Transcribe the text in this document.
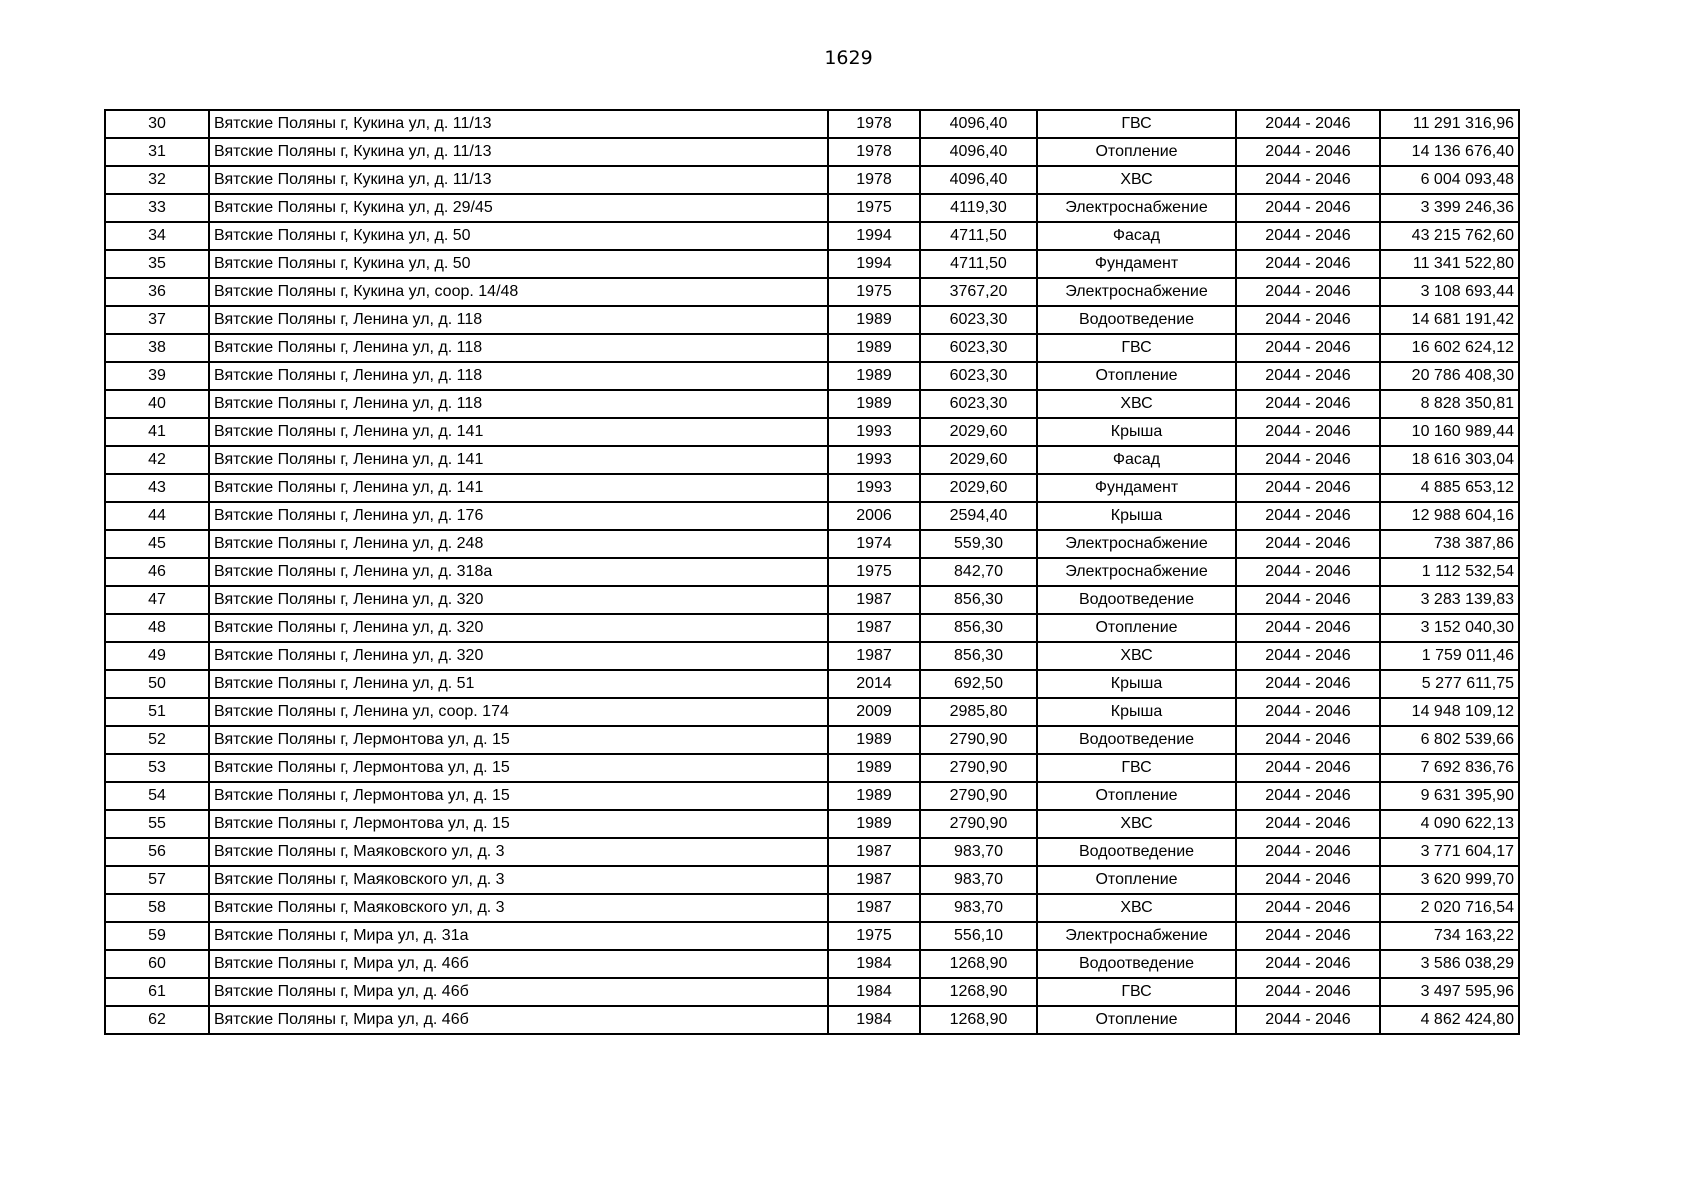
1629
30	Вятские Поляны г, Кукина ул, д. 11/13	1978	4096,40	ГВС	2044 - 2046	11 291 316,96
31	Вятские Поляны г, Кукина ул, д. 11/13	1978	4096,40	Отопление	2044 - 2046	14 136 676,40
32	Вятские Поляны г, Кукина ул, д. 11/13	1978	4096,40	ХВС	2044 - 2046	6 004 093,48
33	Вятские Поляны г, Кукина ул, д. 29/45	1975	4119,30	Электроснабжение	2044 - 2046	3 399 246,36
34	Вятские Поляны г, Кукина ул, д. 50	1994	4711,50	Фасад	2044 - 2046	43 215 762,60
35	Вятские Поляны г, Кукина ул, д. 50	1994	4711,50	Фундамент	2044 - 2046	11 341 522,80
36	Вятские Поляны г, Кукина ул, соор. 14/48	1975	3767,20	Электроснабжение	2044 - 2046	3 108 693,44
37	Вятские Поляны г, Ленина ул, д. 118	1989	6023,30	Водоотведение	2044 - 2046	14 681 191,42
38	Вятские Поляны г, Ленина ул, д. 118	1989	6023,30	ГВС	2044 - 2046	16 602 624,12
39	Вятские Поляны г, Ленина ул, д. 118	1989	6023,30	Отопление	2044 - 2046	20 786 408,30
40	Вятские Поляны г, Ленина ул, д. 118	1989	6023,30	ХВС	2044 - 2046	8 828 350,81
41	Вятские Поляны г, Ленина ул, д. 141	1993	2029,60	Крыша	2044 - 2046	10 160 989,44
42	Вятские Поляны г, Ленина ул, д. 141	1993	2029,60	Фасад	2044 - 2046	18 616 303,04
43	Вятские Поляны г, Ленина ул, д. 141	1993	2029,60	Фундамент	2044 - 2046	4 885 653,12
44	Вятские Поляны г, Ленина ул, д. 176	2006	2594,40	Крыша	2044 - 2046	12 988 604,16
45	Вятские Поляны г, Ленина ул, д. 248	1974	559,30	Электроснабжение	2044 - 2046	738 387,86
46	Вятские Поляны г, Ленина ул, д. 318а	1975	842,70	Электроснабжение	2044 - 2046	1 112 532,54
47	Вятские Поляны г, Ленина ул, д. 320	1987	856,30	Водоотведение	2044 - 2046	3 283 139,83
48	Вятские Поляны г, Ленина ул, д. 320	1987	856,30	Отопление	2044 - 2046	3 152 040,30
49	Вятские Поляны г, Ленина ул, д. 320	1987	856,30	ХВС	2044 - 2046	1 759 011,46
50	Вятские Поляны г, Ленина ул, д. 51	2014	692,50	Крыша	2044 - 2046	5 277 611,75
51	Вятские Поляны г, Ленина ул, соор. 174	2009	2985,80	Крыша	2044 - 2046	14 948 109,12
52	Вятские Поляны г, Лермонтова ул, д. 15	1989	2790,90	Водоотведение	2044 - 2046	6 802 539,66
53	Вятские Поляны г, Лермонтова ул, д. 15	1989	2790,90	ГВС	2044 - 2046	7 692 836,76
54	Вятские Поляны г, Лермонтова ул, д. 15	1989	2790,90	Отопление	2044 - 2046	9 631 395,90
55	Вятские Поляны г, Лермонтова ул, д. 15	1989	2790,90	ХВС	2044 - 2046	4 090 622,13
56	Вятские Поляны г, Маяковского ул, д. 3	1987	983,70	Водоотведение	2044 - 2046	3 771 604,17
57	Вятские Поляны г, Маяковского ул, д. 3	1987	983,70	Отопление	2044 - 2046	3 620 999,70
58	Вятские Поляны г, Маяковского ул, д. 3	1987	983,70	ХВС	2044 - 2046	2 020 716,54
59	Вятские Поляны г, Мира ул, д. 31а	1975	556,10	Электроснабжение	2044 - 2046	734 163,22
60	Вятские Поляны г, Мира ул, д. 46б	1984	1268,90	Водоотведение	2044 - 2046	3 586 038,29
61	Вятские Поляны г, Мира ул, д. 46б	1984	1268,90	ГВС	2044 - 2046	3 497 595,96
62	Вятские Поляны г, Мира ул, д. 46б	1984	1268,90	Отопление	2044 - 2046	4 862 424,80
